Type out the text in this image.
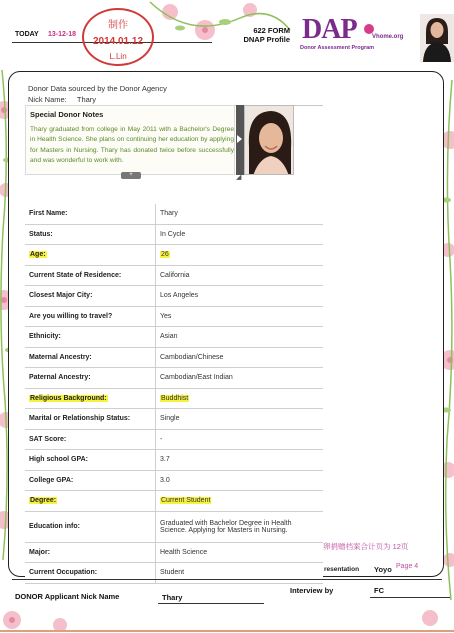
TODAY 13-12-18
制作
2014.01.12
L.Lin
622 FORM
DNAP Profile DAP	Vhome.org
Donor Assessment Program
Donor Data sourced by the Donor Agency
Nick Name: Thary
Special Donor Notes
Thary graduated from college in May 2011 with a Bachelor's Degree in Health Science. She plans on continuing her education by applying for Masters in Nursing. Thary has donated twice before successfully and was wonderful to work with.
+	◢
First Name:	Thary
Status:	In Cycle
Age:	26
Current State of Residence:	California
Closest Major City:	Los Angeles
Are you willing to travel?	Yes
Ethnicity:	Asian
Maternal Ancestry:	Cambodian/Chinese
Paternal Ancestry:	Cambodian/East Indian
Religious Background:	Buddhist
Marital or Relationship Status:	Single
SAT Score:	-
High school GPA:	3.7
College GPA:	3.0
Degree:	Current Student
Education info:	Graduated with Bachelor Degree in Health Science. Applying for Masters in Nursing.
Major:	Health Science
Current Occupation:	Student
卵捐赠档案合计页为 12页
resentation Yoyo Page 4
DONOR Applicant Nick Name	Thary
Interview by	FC
